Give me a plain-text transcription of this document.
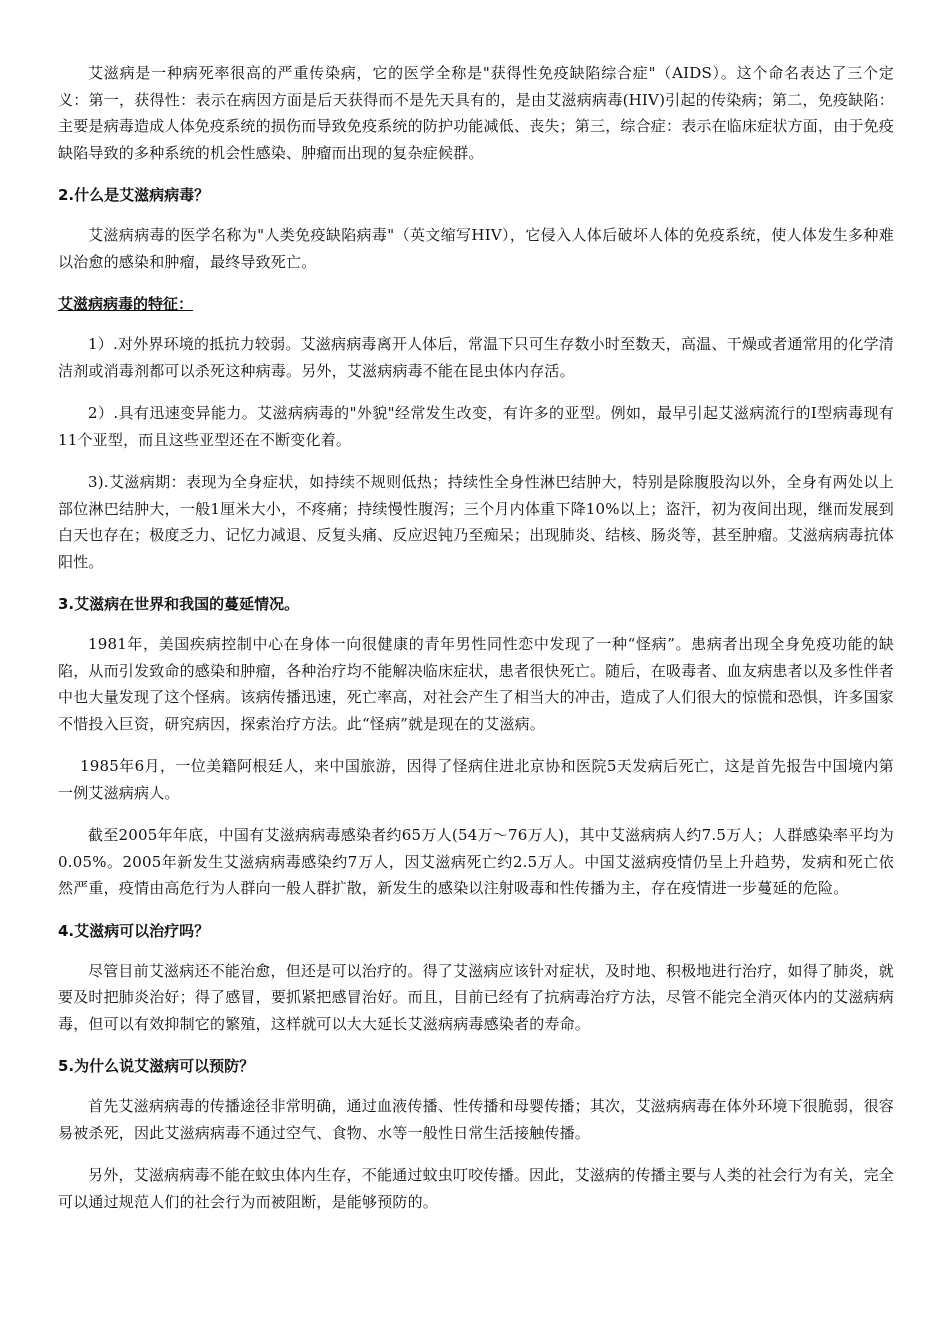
艾滋病是一种病死率很高的严重传染病，它的医学全称是"获得性免疫缺陷综合症"（AIDS）。这个命名表达了三个定义：第一，获得性：表示在病因方面是后天获得而不是先天具有的，是由艾滋病病毒(HIV)引起的传染病；第二，免疫缺陷：主要是病毒造成人体免疫系统的损伤而导致免疫系统的防护功能减低、丧失；第三，综合症：表示在临床症状方面，由于免疫缺陷导致的多种系统的机会性感染、肿瘤而出现的复杂症候群。

2.什么是艾滋病病毒？

艾滋病病毒的医学名称为"人类免疫缺陷病毒"（英文缩写HIV），它侵入人体后破坏人体的免疫系统，使人体发生多种难以治愈的感染和肿瘤，最终导致死亡。

艾滋病病毒的特征：

1）.对外界环境的抵抗力较弱。艾滋病病毒离开人体后，常温下只可生存数小时至数天，高温、干燥或者通常用的化学清洁剂或消毒剂都可以杀死这种病毒。另外，艾滋病病毒不能在昆虫体内存活。

2）.具有迅速变异能力。艾滋病病毒的"外貌"经常发生改变，有许多的亚型。例如，最早引起艾滋病流行的Ⅰ型病毒现有11个亚型，而且这些亚型还在不断变化着。

3).艾滋病期：表现为全身症状，如持续不规则低热；持续性全身性淋巴结肿大，特别是除腹股沟以外，全身有两处以上部位淋巴结肿大，一般1厘米大小，不疼痛；持续慢性腹泻；三个月内体重下降10%以上；盗汗，初为夜间出现，继而发展到白天也存在；极度乏力、记忆力减退、反复头痛、反应迟钝乃至痴呆；出现肺炎、结核、肠炎等，甚至肿瘤。艾滋病病毒抗体阳性。

3.艾滋病在世界和我国的蔓延情况。

1981年，美国疾病控制中心在身体一向很健康的青年男性同性恋中发现了一种“怪病”。患病者出现全身免疫功能的缺陷，从而引发致命的感染和肿瘤，各种治疗均不能解决临床症状，患者很快死亡。随后，在吸毒者、血友病患者以及多性伴者中也大量发现了这个怪病。该病传播迅速，死亡率高，对社会产生了相当大的冲击，造成了人们很大的惊慌和恐惧，许多国家不惜投入巨资，研究病因，探索治疗方法。此“怪病”就是现在的艾滋病。

1985年6月，一位美籍阿根廷人，来中国旅游，因得了怪病住进北京协和医院5天发病后死亡，这是首先报告中国境内第一例艾滋病病人。

截至2005年年底，中国有艾滋病病毒感染者约65万人(54万～76万人)，其中艾滋病病人约7.5万人；人群感染率平均为0.05%。2005年新发生艾滋病病毒感染约7万人，因艾滋病死亡约2.5万人。中国艾滋病疫情仍呈上升趋势，发病和死亡依然严重，疫情由高危行为人群向一般人群扩散，新发生的感染以注射吸毒和性传播为主，存在疫情进一步蔓延的危险。

4.艾滋病可以治疗吗？

尽管目前艾滋病还不能治愈，但还是可以治疗的。得了艾滋病应该针对症状，及时地、积极地进行治疗，如得了肺炎，就要及时把肺炎治好；得了感冒，要抓紧把感冒治好。而且，目前已经有了抗病毒治疗方法，尽管不能完全消灭体内的艾滋病病毒，但可以有效抑制它的繁殖，这样就可以大大延长艾滋病病毒感染者的寿命。

5.为什么说艾滋病可以预防？

首先艾滋病病毒的传播途径非常明确，通过血液传播、性传播和母婴传播；其次，艾滋病病毒在体外环境下很脆弱，很容易被杀死，因此艾滋病病毒不通过空气、食物、水等一般性日常生活接触传播。

另外，艾滋病病毒不能在蚊虫体内生存，不能通过蚊虫叮咬传播。因此，艾滋病的传播主要与人类的社会行为有关，完全可以通过规范人们的社会行为而被阻断，是能够预防的。
